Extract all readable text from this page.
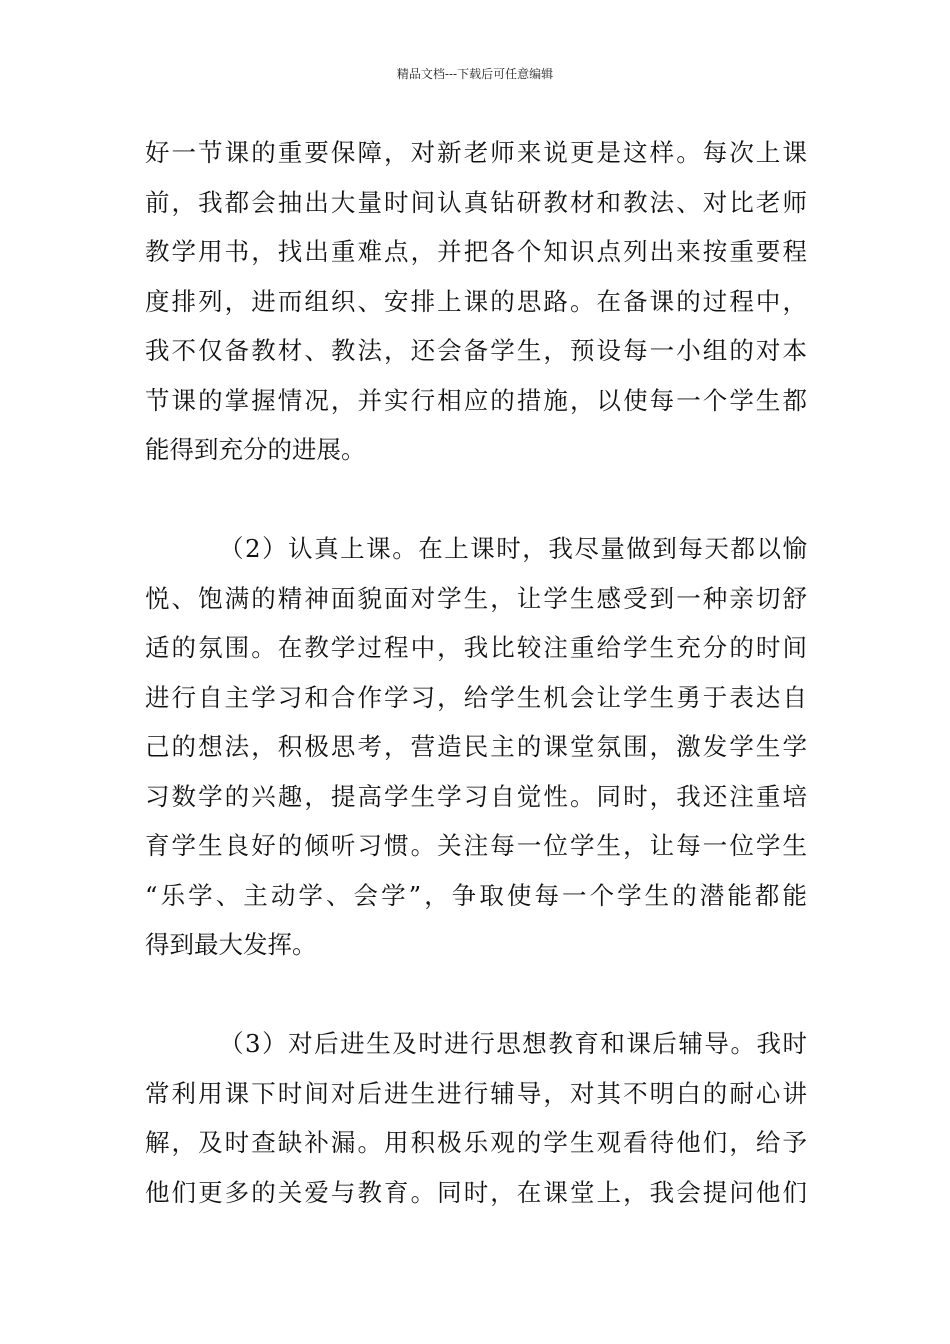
精品文档---下载后可任意编辑
好一节课的重要保障，对新老师来说更是这样。每次上课
前，我都会抽出大量时间认真钻研教材和教法、对比老师
教学用书，找出重难点，并把各个知识点列出来按重要程
度排列，进而组织、安排上课的思路。在备课的过程中，
我不仅备教材、教法，还会备学生，预设每一小组的对本
节课的掌握情况，并实行相应的措施，以使每一个学生都
能得到充分的进展。
（2）认真上课。在上课时，我尽量做到每天都以愉
悦、饱满的精神面貌面对学生，让学生感受到一种亲切舒
适的氛围。在教学过程中，我比较注重给学生充分的时间
进行自主学习和合作学习，给学生机会让学生勇于表达自
己的想法，积极思考，营造民主的课堂氛围，激发学生学
习数学的兴趣，提高学生学习自觉性。同时，我还注重培
育学生良好的倾听习惯。关注每一位学生，让每一位学生
“乐学、主动学、会学”，争取使每一个学生的潜能都能
得到最大发挥。
（3）对后进生及时进行思想教育和课后辅导。我时
常利用课下时间对后进生进行辅导，对其不明白的耐心讲
解，及时查缺补漏。用积极乐观的学生观看待他们，给予
他们更多的关爱与教育。同时，在课堂上，我会提问他们
